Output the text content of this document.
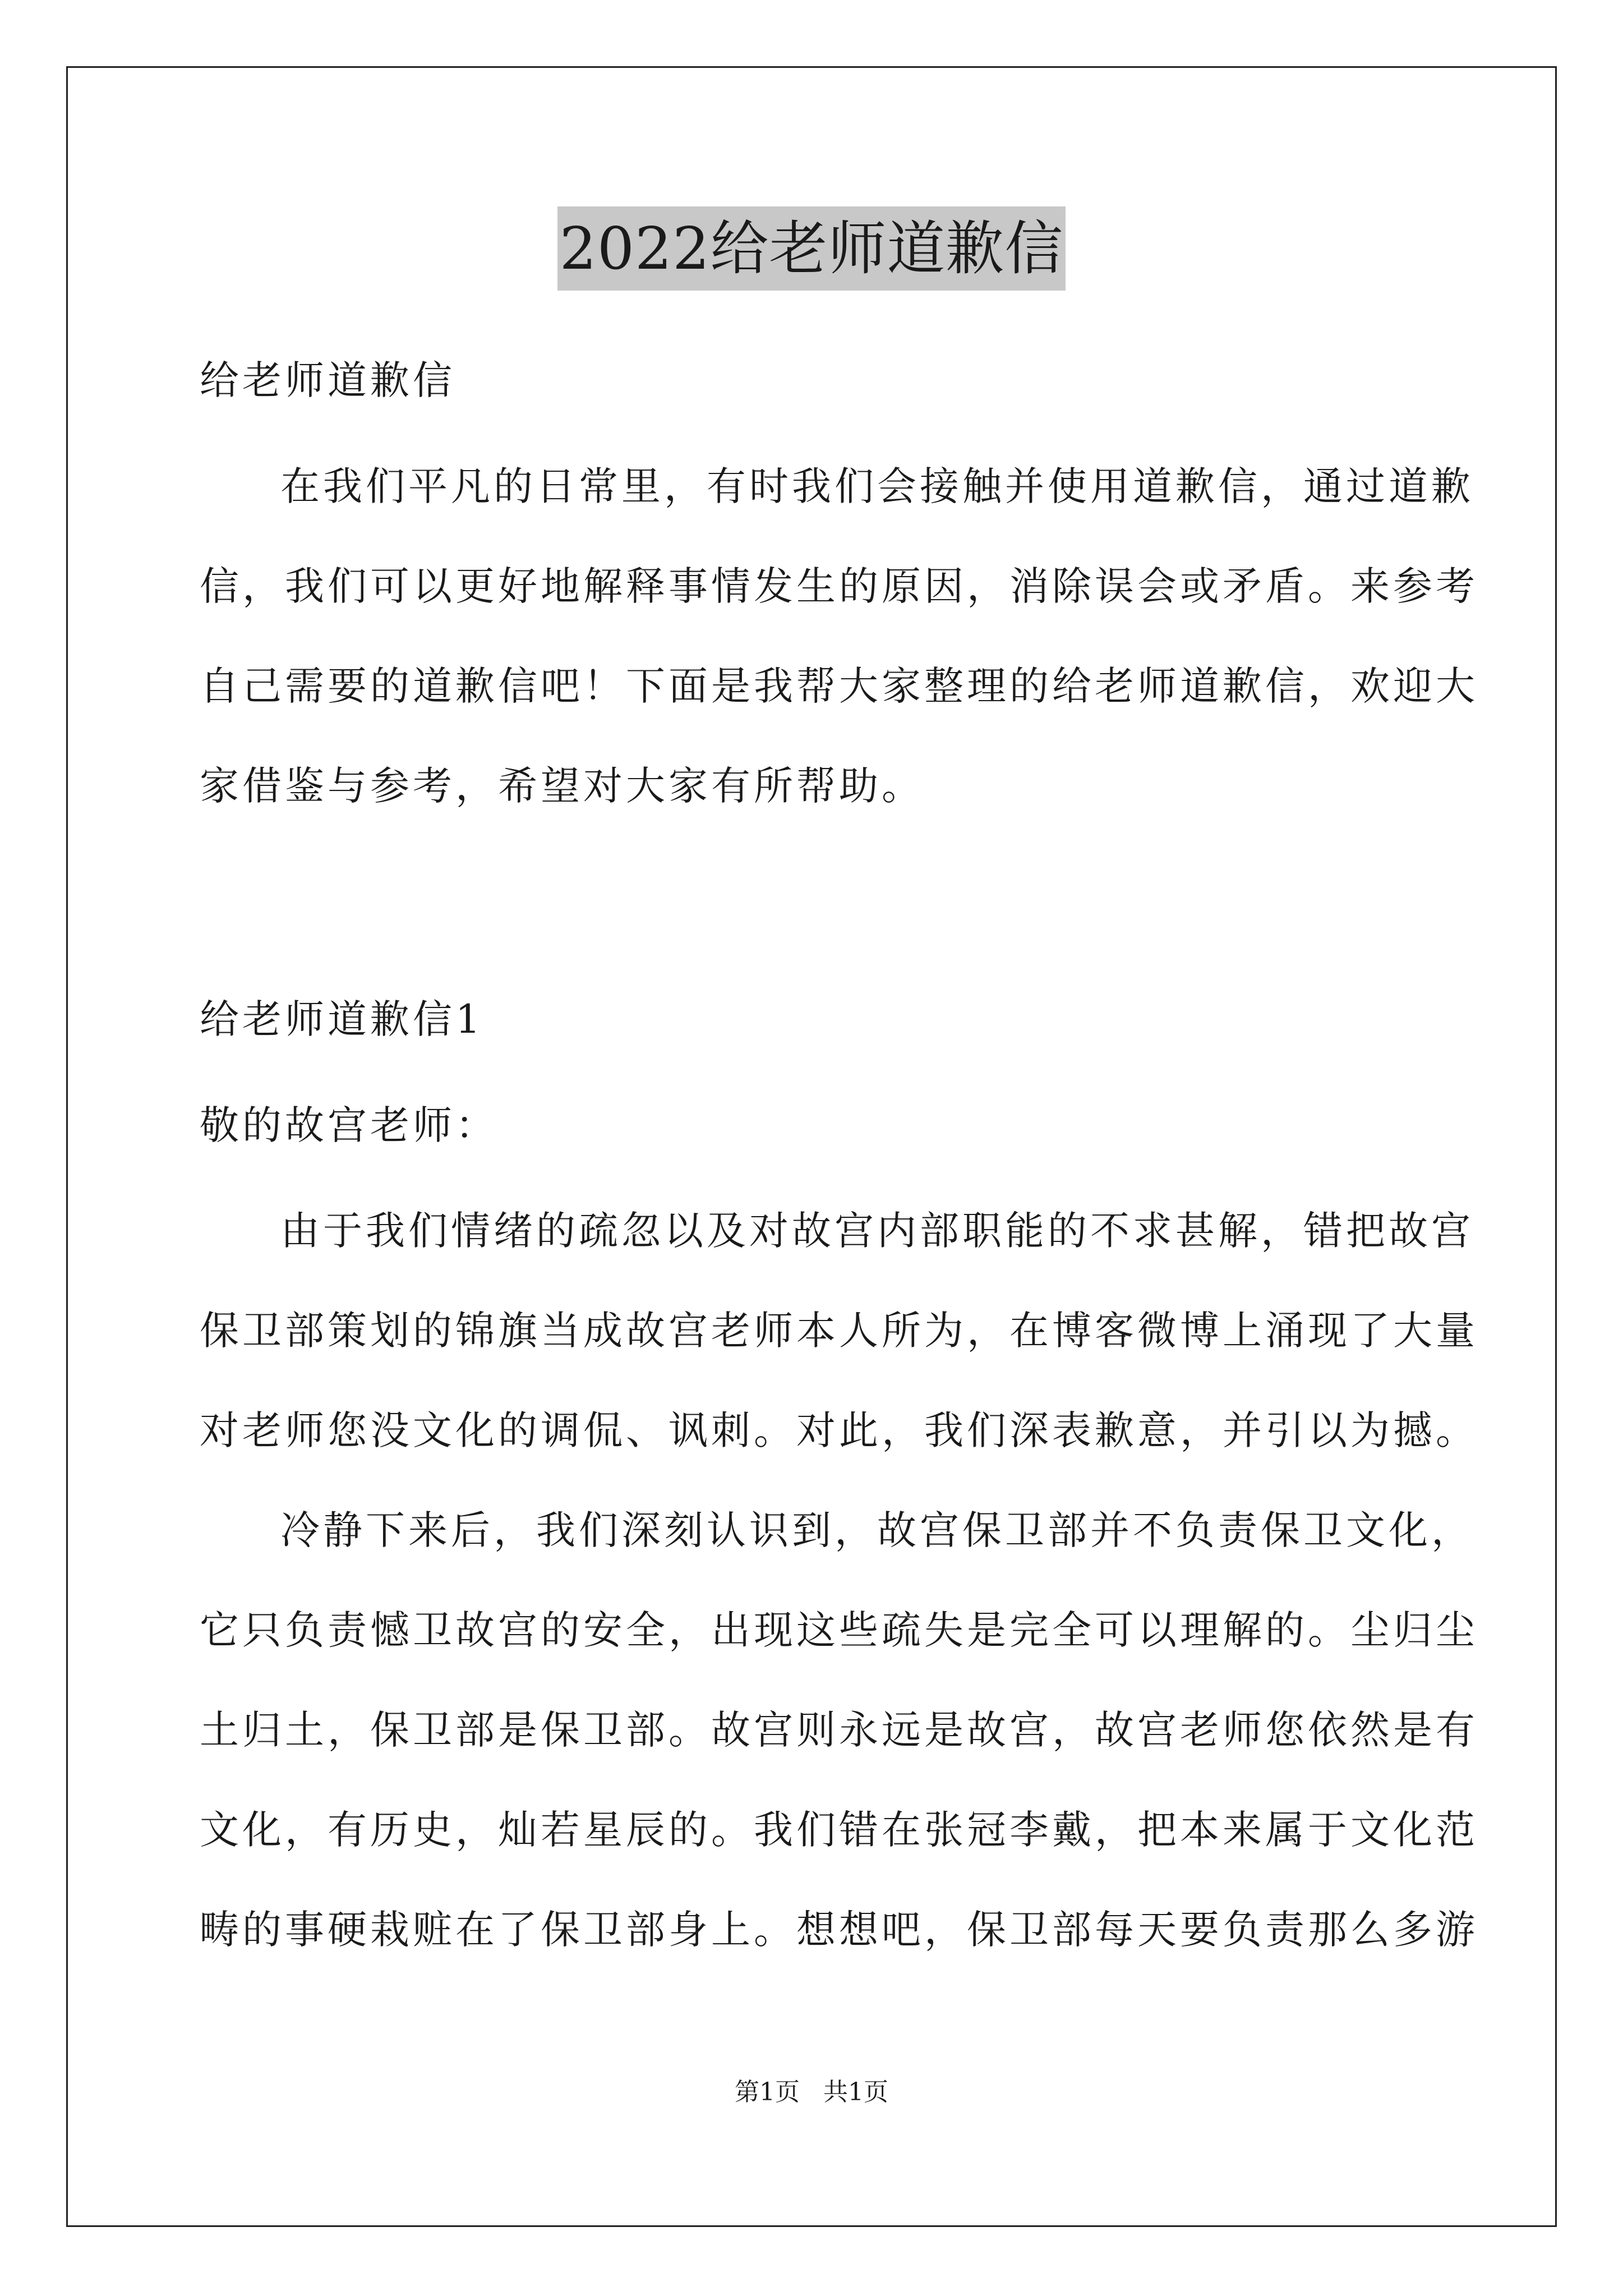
2022给老师道歉信
给老师道歉信
在我们平凡的日常里，有时我们会接触并使用道歉信，通过道歉
信，我们可以更好地解释事情发生的原因，消除误会或矛盾。来参考
自己需要的道歉信吧！下面是我帮大家整理的给老师道歉信，欢迎大
家借鉴与参考，希望对大家有所帮助。
给老师道歉信1
敬的故宫老师：
由于我们情绪的疏忽以及对故宫内部职能的不求甚解，错把故宫
保卫部策划的锦旗当成故宫老师本人所为，在博客微博上涌现了大量
对老师您没文化的调侃、讽刺。对此，我们深表歉意，并引以为撼。
冷静下来后，我们深刻认识到，故宫保卫部并不负责保卫文化，
它只负责憾卫故宫的安全，出现这些疏失是完全可以理解的。尘归尘
土归土，保卫部是保卫部。故宫则永远是故宫，故宫老师您依然是有
文化，有历史，灿若星辰的。我们错在张冠李戴，把本来属于文化范
畴的事硬栽赃在了保卫部身上。想想吧，保卫部每天要负责那么多游
第1页   共1页
